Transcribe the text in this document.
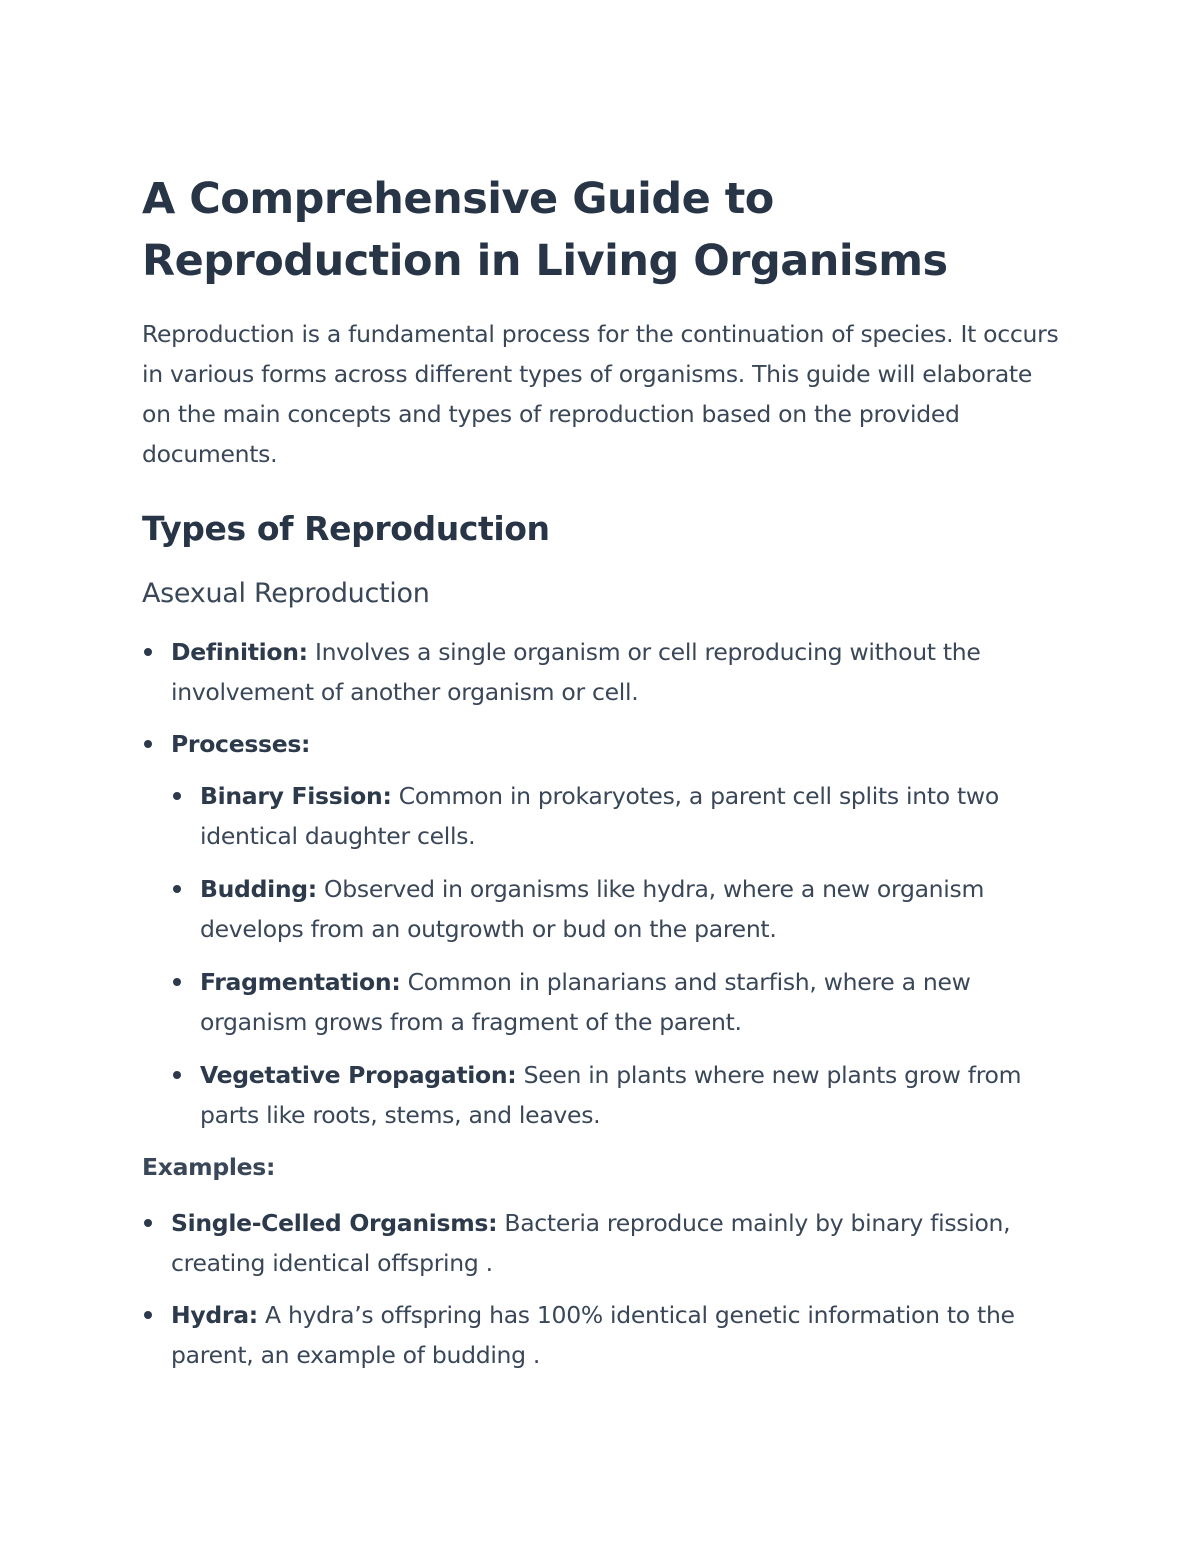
A Comprehensive Guide to Reproduction in Living Organisms

Reproduction is a fundamental process for the continuation of species. It occurs in various forms across different types of organisms. This guide will elaborate on the main concepts and types of reproduction based on the provided documents.

Types of Reproduction
Asexual Reproduction
Definition: Involves a single organism or cell reproducing without the involvement of another organism or cell.
Processes:
Binary Fission: Common in prokaryotes, a parent cell splits into two identical daughter cells.
Budding: Observed in organisms like hydra, where a new organism develops from an outgrowth or bud on the parent.
Fragmentation: Common in planarians and starfish, where a new organism grows from a fragment of the parent.
Vegetative Propagation: Seen in plants where new plants grow from parts like roots, stems, and leaves.

Examples:

Single-Celled Organisms: Bacteria reproduce mainly by binary fission, creating identical offspring .
Hydra: A hydra’s offspring has 100% identical genetic information to the parent, an example of budding .
